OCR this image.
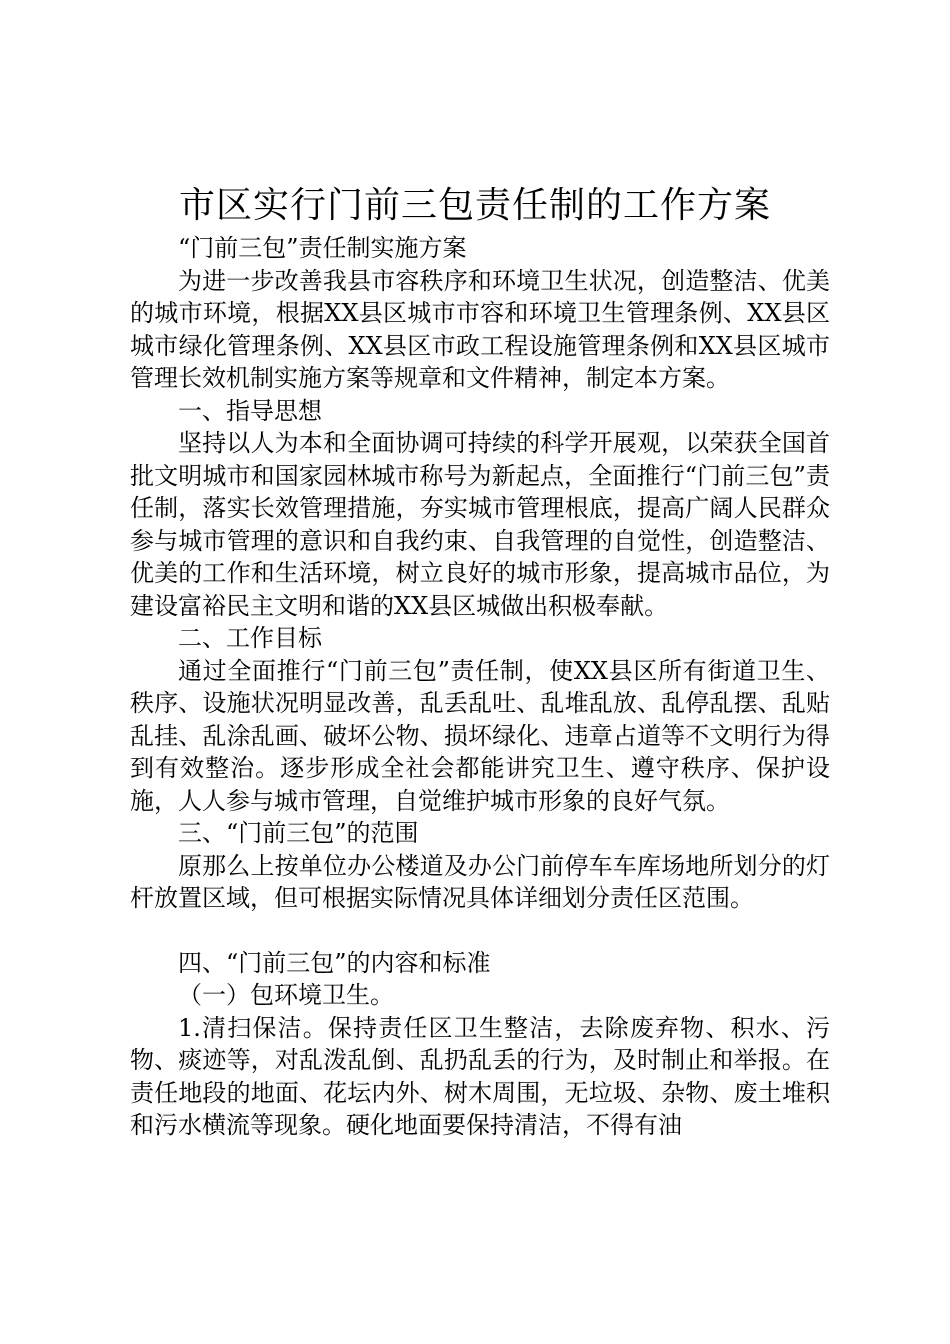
市区实行门前三包责任制的工作方案

“门前三包”责任制实施方案

为进一步改善我县市容秩序和环境卫生状况，创造整洁、优美的城市环境，根据XX县区城市市容和环境卫生管理条例、XX县区城市绿化管理条例、XX县区市政工程设施管理条例和XX县区城市管理长效机制实施方案等规章和文件精神，制定本方案。

一、指导思想

坚持以人为本和全面协调可持续的科学开展观，以荣获全国首批文明城市和国家园林城市称号为新起点，全面推行“门前三包”责任制，落实长效管理措施，夯实城市管理根底，提高广阔人民群众参与城市管理的意识和自我约束、自我管理的自觉性，创造整洁、优美的工作和生活环境，树立良好的城市形象，提高城市品位，为建设富裕民主文明和谐的XX县区城做出积极奉献。

二、工作目标

通过全面推行“门前三包”责任制，使XX县区所有街道卫生、秩序、设施状况明显改善，乱丢乱吐、乱堆乱放、乱停乱摆、乱贴乱挂、乱涂乱画、破坏公物、损坏绿化、违章占道等不文明行为得到有效整治。逐步形成全社会都能讲究卫生、遵守秩序、保护设施，人人参与城市管理，自觉维护城市形象的良好气氛。

三、“门前三包”的范围

原那么上按单位办公楼道及办公门前停车车库场地所划分的灯杆放置区域，但可根据实际情况具体详细划分责任区范围。

四、“门前三包”的内容和标准

（一）包环境卫生。

1.清扫保洁。保持责任区卫生整洁，去除废弃物、积水、污物、痰迹等，对乱泼乱倒、乱扔乱丢的行为，及时制止和举报。在责任地段的地面、花坛内外、树木周围，无垃圾、杂物、废土堆积和污水横流等现象。硬化地面要保持清洁，不得有油
